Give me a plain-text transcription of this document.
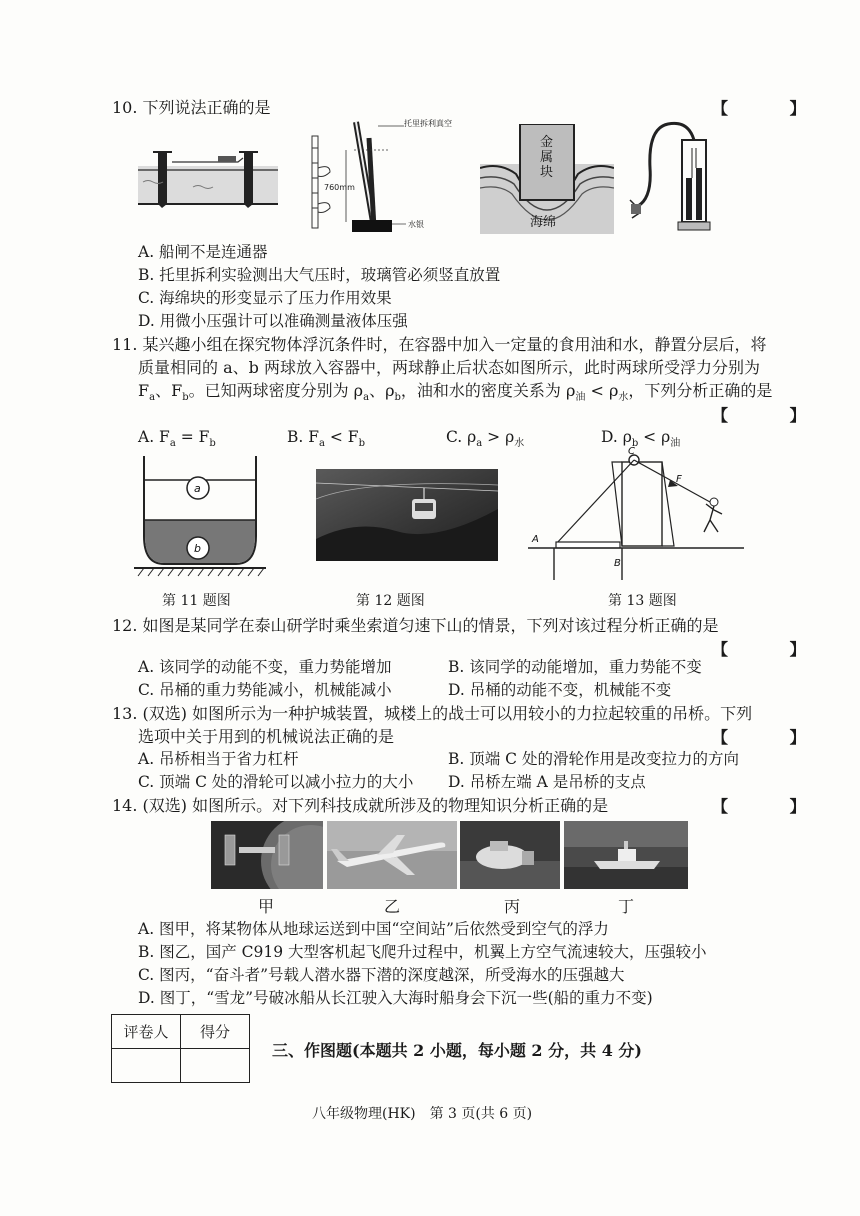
10. 下列说法正确的是	【 】
760mm
托里拆利真空
水银
金属块
海绵
A. 船闸不是连通器
B. 托里拆利实验测出大气压时，玻璃管必须竖直放置
C. 海绵块的形变显示了压力作用效果
D. 用微小压强计可以准确测量液体压强
11. 某兴趣小组在探究物体浮沉条件时，在容器中加入一定量的食用油和水，静置分层后，将
质量相同的 a、b 两球放入容器中，两球静止后状态如图所示，此时两球所受浮力分别为
$F_a$、$F_b$。已知两球密度分别为 $\rho_a$、$\rho_b$，油和水的密度关系为 $\rho_油 < \rho_水$，下列分析正确的是
【 】
A. $F_a = F_b$	B. $F_a < F_b$	C. $\rho_a > \rho_水$	D. $\rho_b < \rho_油$
a
b
C
F
A
B
第 11 题图	第 12 题图	第 13 题图
12. 如图是某同学在泰山研学时乘坐索道匀速下山的情景，下列对该过程分析正确的是
【 】
A. 该同学的动能不变，重力势能增加	B. 该同学的动能增加，重力势能不变
C. 吊桶的重力势能减小，机械能减小	D. 吊桶的动能不变，机械能不变
13. (双选) 如图所示为一种护城装置，城楼上的战士可以用较小的力拉起较重的吊桥。下列
选项中关于用到的机械说法正确的是	【 】
A. 吊桥相当于省力杠杆	B. 顶端 C 处的滑轮作用是改变拉力的方向
C. 顶端 C 处的滑轮可以减小拉力的大小 D. 吊桥左端 A 是吊桥的支点
14. (双选) 如图所示。对下列科技成就所涉及的物理知识分析正确的是	【 】
甲	乙	丙	丁
A. 图甲，将某物体从地球运送到中国“空间站”后依然受到空气的浮力
B. 图乙，国产 C919 大型客机起飞爬升过程中，机翼上方空气流速较大，压强较小
C. 图丙，“奋斗者”号载人潜水器下潜的深度越深，所受海水的压强越大
D. 图丁，“雪龙”号破冰船从长江驶入大海时船身会下沉一些(船的重力不变)
评卷人	得分

三、作图题(本题共 2 小题，每小题 2 分，共 4 分)
八年级物理(HK)　第 3 页(共 6 页)
